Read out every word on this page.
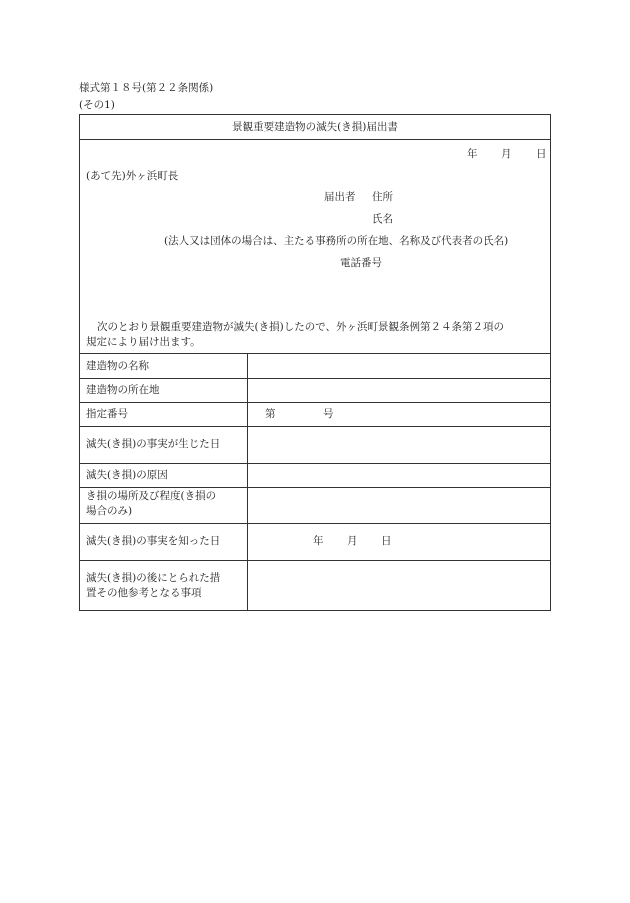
様式第１８号(第２２条関係)
(その1)
景観重要建造物の滅失(き損)届出書
年 月 日
(あて先)外ヶ浜町長
届出者 住所
氏名
(法人又は団体の場合は、主たる事務所の所在地、名称及び代表者の氏名)
電話番号
次のとおり景観重要建造物が滅失(き損)したので、外ヶ浜町景観条例第２４条第２項の
規定により届け出ます。
建造物の名称
建造物の所在地
指定番号	第	号
滅失(き損)の事実が生じた日
滅失(き損)の原因
き損の場所及び程度(き損の
場合のみ)
滅失(き損)の事実を知った日	年 月 日
滅失(き損)の後にとられた措
置その他参考となる事項
